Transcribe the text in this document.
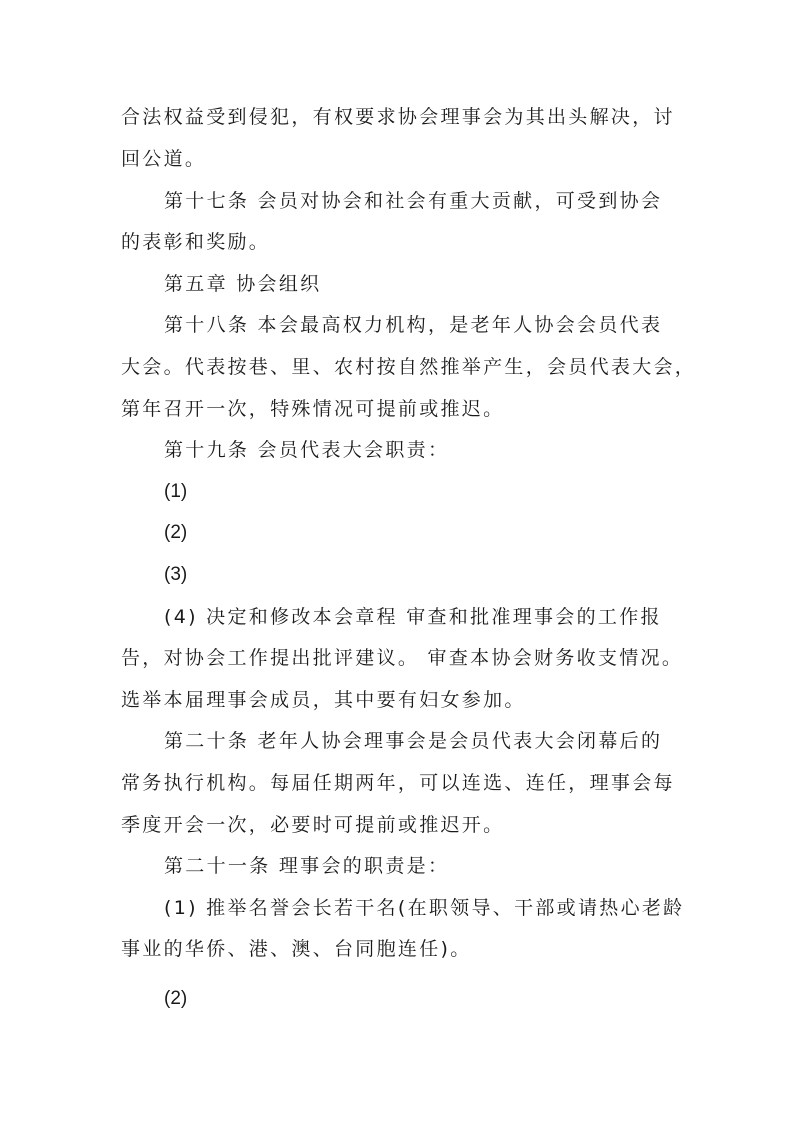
合法权益受到侵犯，有权要求协会理事会为其出头解决，讨
回公道。
第十七条 会员对协会和社会有重大贡献，可受到协会
的表彰和奖励。
第五章 协会组织
第十八条 本会最高权力机构，是老年人协会会员代表
大会。代表按巷、里、农村按自然推举产生，会员代表大会，
第年召开一次，特殊情况可提前或推迟。
第十九条 会员代表大会职责：
(1)
(2)
(3)
(4) 决定和修改本会章程 审查和批准理事会的工作报
告，对协会工作提出批评建议。 审查本协会财务收支情况。
选举本届理事会成员，其中要有妇女参加。
第二十条 老年人协会理事会是会员代表大会闭幕后的
常务执行机构。每届任期两年，可以连选、连任，理事会每
季度开会一次，必要时可提前或推迟开。
第二十一条 理事会的职责是：
(1) 推举名誉会长若干名(在职领导、干部或请热心老龄
事业的华侨、港、澳、台同胞连任)。
(2)
